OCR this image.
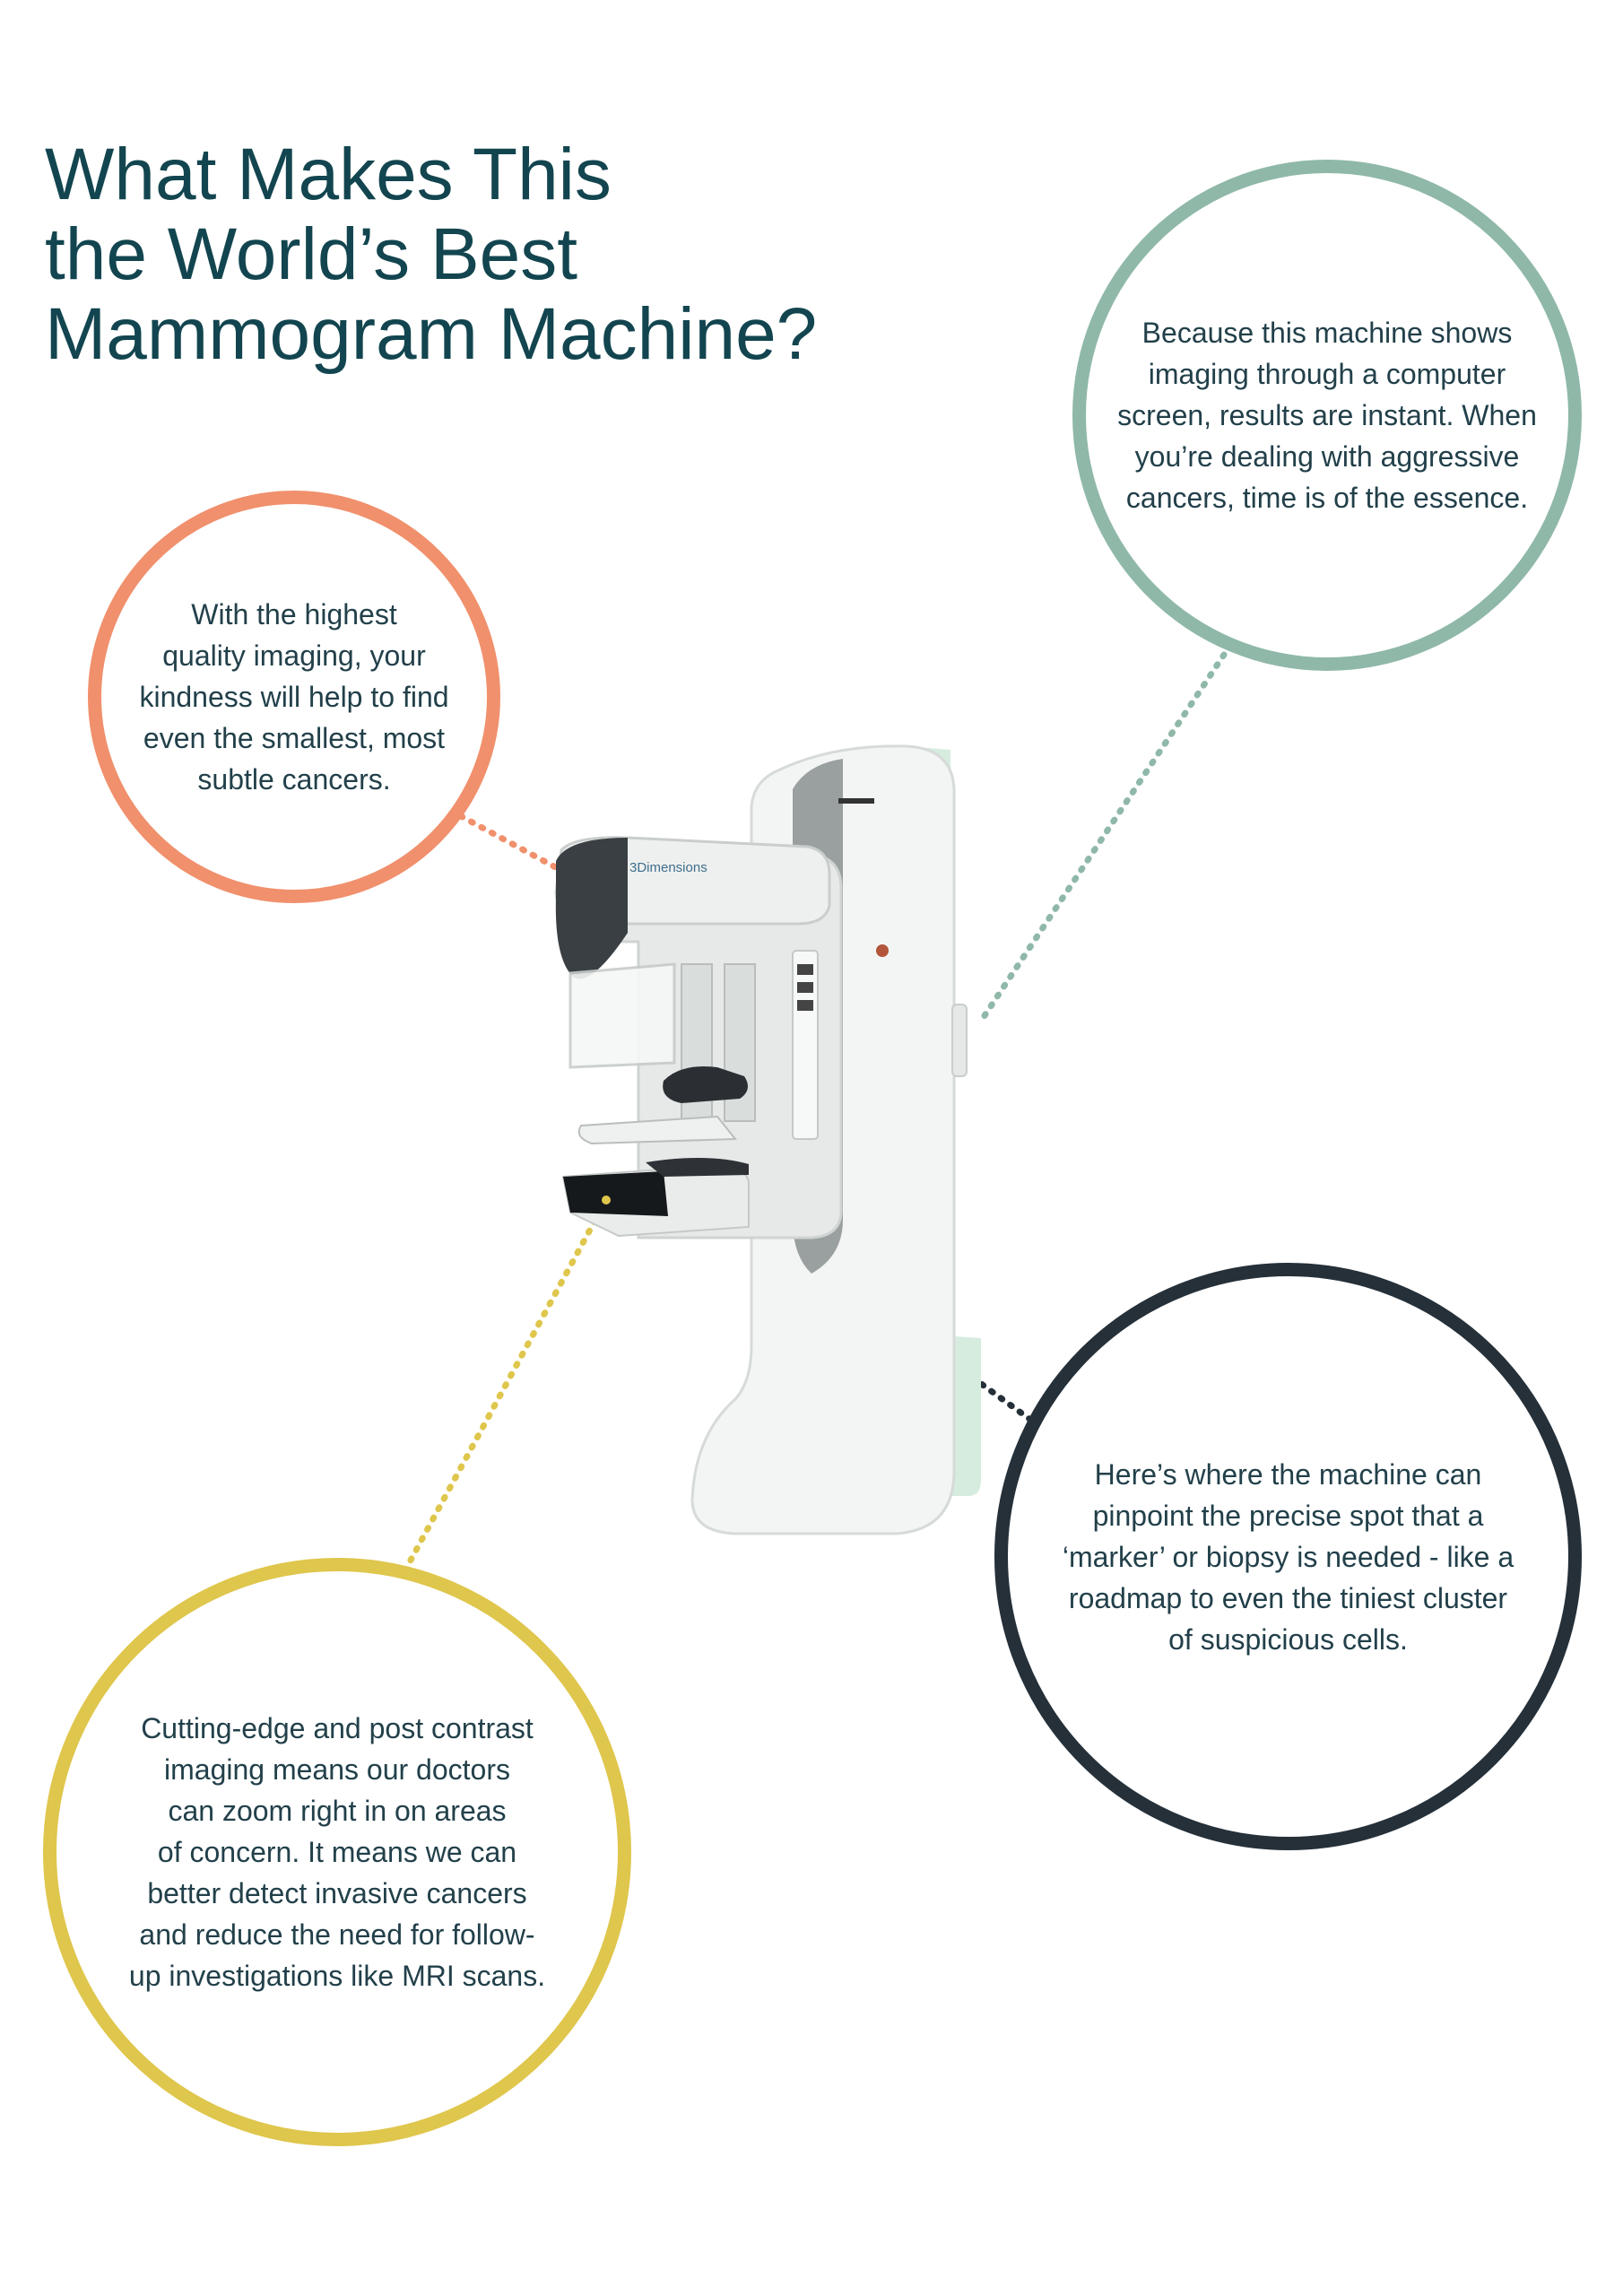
What Makes This
the World’s Best
Mammogram Machine?
3Dimensions
With the highest
quality imaging, your
kindness will help to find
even the smallest, most
subtle cancers.
Because this machine shows
imaging through a computer
screen, results are instant. When
you’re dealing with aggressive
cancers, time is of the essence.
Here’s where the machine can
pinpoint the precise spot that a
‘marker’ or biopsy is needed - like a
roadmap to even the tiniest cluster
of suspicious cells.
Cutting-edge and post contrast
imaging means our doctors
can zoom right in on areas
of concern. It means we can
better detect invasive cancers
and reduce the need for follow-
up investigations like MRI scans.
